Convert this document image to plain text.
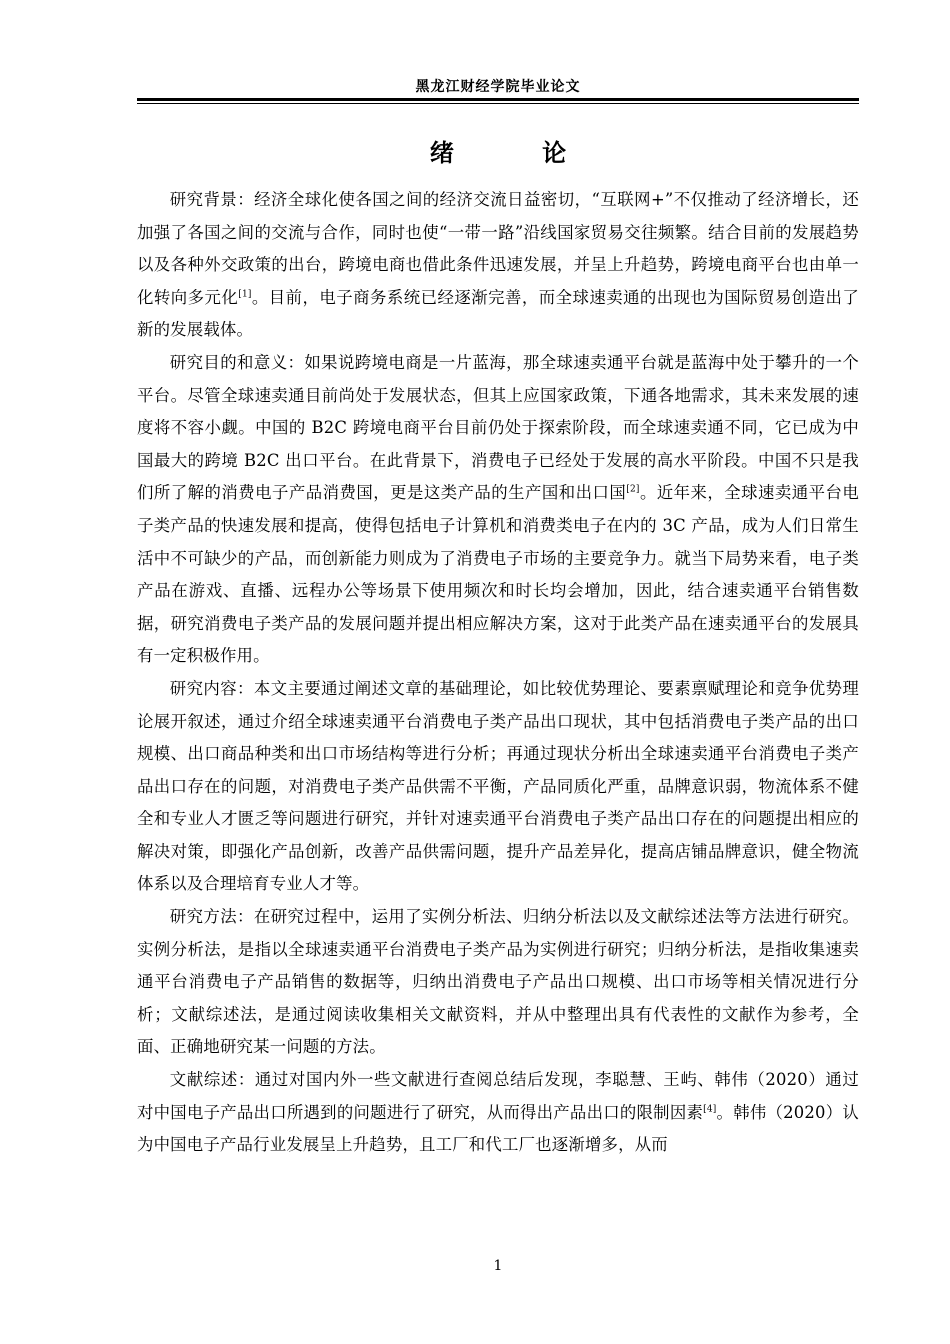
黑龙江财经学院毕业论文
绪 论

研究背景：经济全球化使各国之间的经济交流日益密切，“互联网+”不仅推动了经济增长，还加强了各国之间的交流与合作，同时也使“一带一路”沿线国家贸易交往频繁。结合目前的发展趋势以及各种外交政策的出台，跨境电商也借此条件迅速发展，并呈上升趋势，跨境电商平台也由单一化转向多元化[1]。目前，电子商务系统已经逐渐完善，而全球速卖通的出现也为国际贸易创造出了新的发展载体。

研究目的和意义：如果说跨境电商是一片蓝海，那全球速卖通平台就是蓝海中处于攀升的一个平台。尽管全球速卖通目前尚处于发展状态，但其上应国家政策，下通各地需求，其未来发展的速度将不容小觑。中国的 B2C 跨境电商平台目前仍处于探索阶段，而全球速卖通不同，它已成为中国最大的跨境 B2C 出口平台。在此背景下，消费电子已经处于发展的高水平阶段。中国不只是我们所了解的消费电子产品消费国，更是这类产品的生产国和出口国[2]。近年来，全球速卖通平台电子类产品的快速发展和提高，使得包括电子计算机和消费类电子在内的 3C 产品，成为人们日常生活中不可缺少的产品，而创新能力则成为了消费电子市场的主要竞争力。就当下局势来看，电子类产品在游戏、直播、远程办公等场景下使用频次和时长均会增加，因此，结合速卖通平台销售数据，研究消费电子类产品的发展问题并提出相应解决方案，这对于此类产品在速卖通平台的发展具有一定积极作用。

研究内容：本文主要通过阐述文章的基础理论，如比较优势理论、要素禀赋理论和竞争优势理论展开叙述，通过介绍全球速卖通平台消费电子类产品出口现状，其中包括消费电子类产品的出口规模、出口商品种类和出口市场结构等进行分析；再通过现状分析出全球速卖通平台消费电子类产品出口存在的问题，对消费电子类产品供需不平衡，产品同质化严重，品牌意识弱，物流体系不健全和专业人才匮乏等问题进行研究，并针对速卖通平台消费电子类产品出口存在的问题提出相应的解决对策，即强化产品创新，改善产品供需问题，提升产品差异化，提高店铺品牌意识，健全物流体系以及合理培育专业人才等。

研究方法：在研究过程中，运用了实例分析法、归纳分析法以及文献综述法等方法进行研究。实例分析法，是指以全球速卖通平台消费电子类产品为实例进行研究；归纳分析法，是指收集速卖通平台消费电子产品销售的数据等，归纳出消费电子产品出口规模、出口市场等相关情况进行分析；文献综述法，是通过阅读收集相关文献资料，并从中整理出具有代表性的文献作为参考，全面、正确地研究某一问题的方法。

文献综述：通过对国内外一些文献进行查阅总结后发现，李聪慧、王屿、韩伟（2020）通过对中国电子产品出口所遇到的问题进行了研究，从而得出产品出口的限制因素[4]。韩伟（2020）认为中国电子产品行业发展呈上升趋势，且工厂和代工厂也逐渐增多，从而

1
